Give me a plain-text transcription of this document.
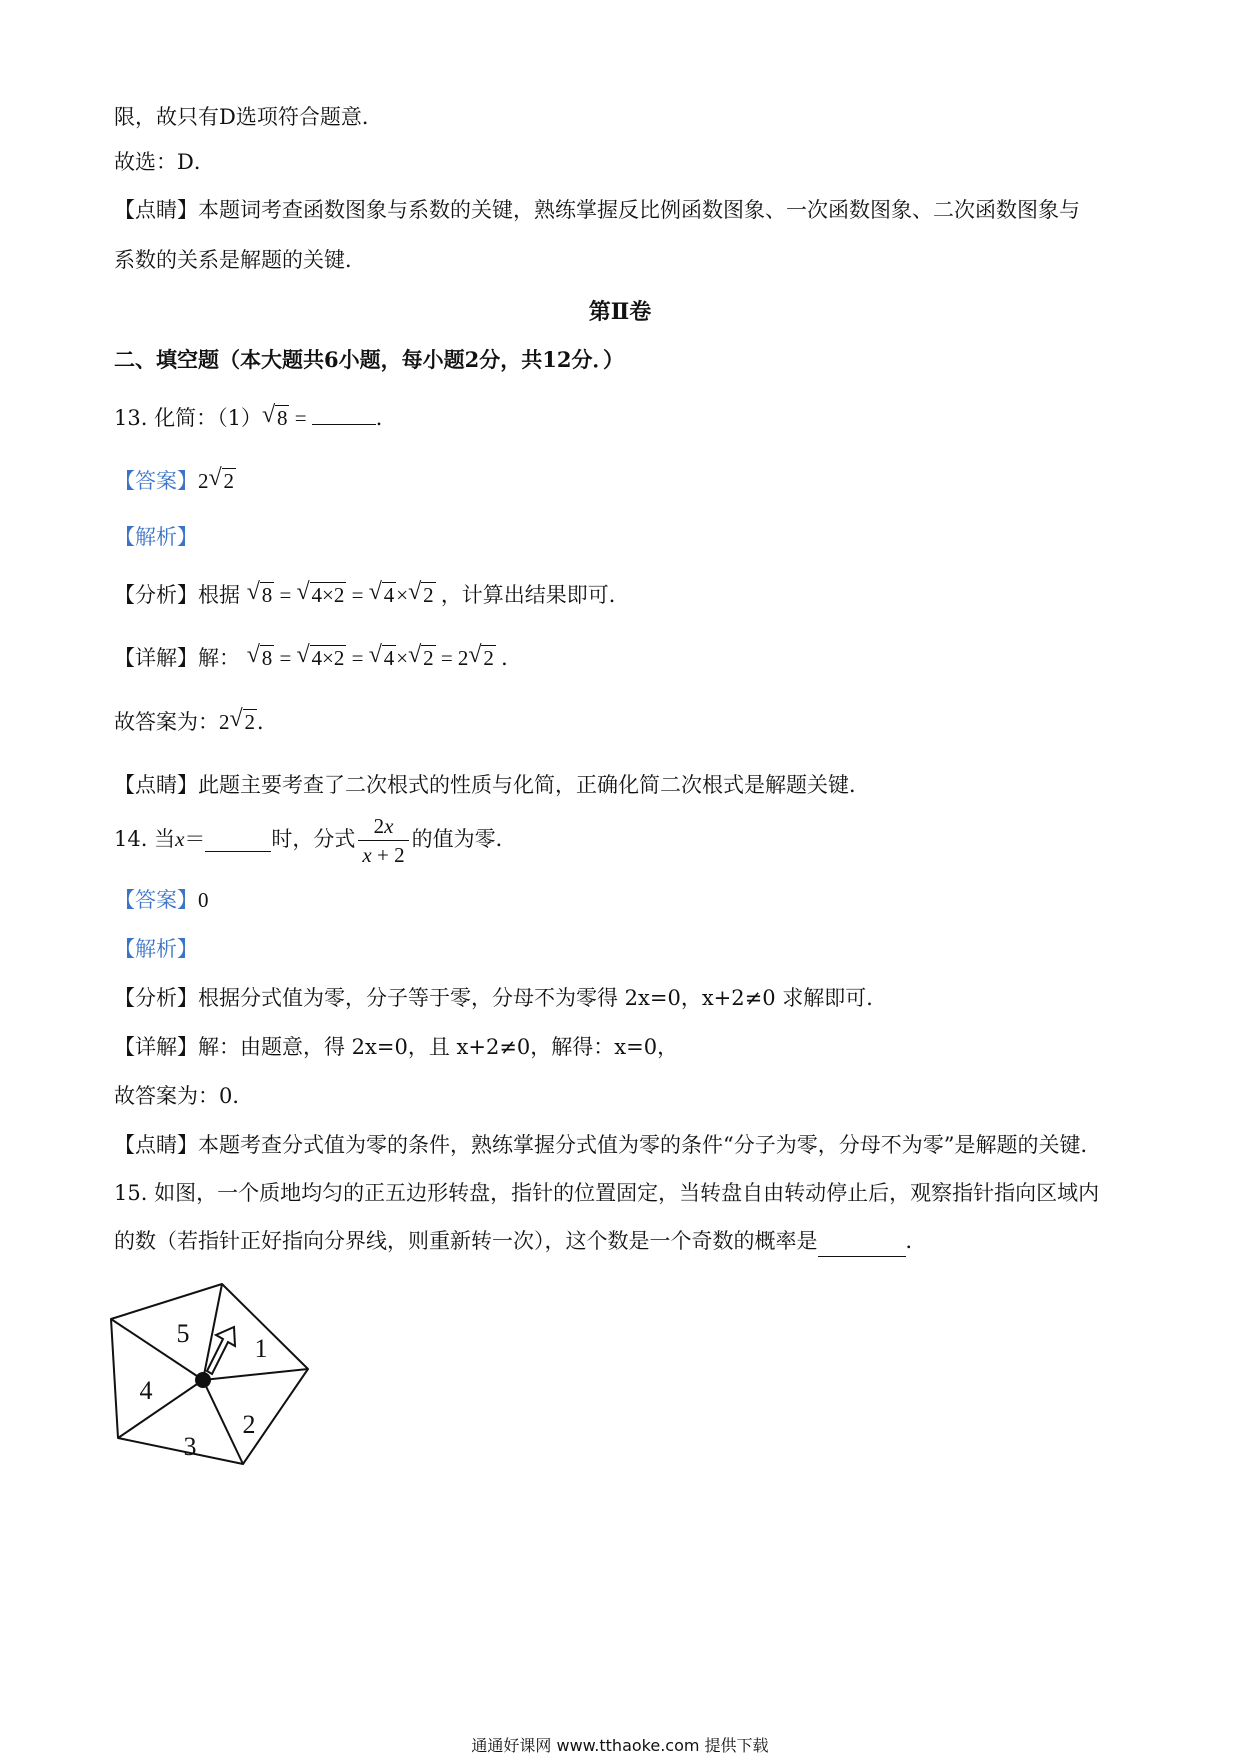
限，故只有D选项符合题意．
故选：D．
【点睛】本题词考查函数图象与系数的关键，熟练掌握反比例函数图象、一次函数图象、二次函数图象与
系数的关系是解题的关键．
第Ⅱ卷
二、填空题（本大题共6小题，每小题2分，共12分．）
13. 化简：（1） √ 8 =	．
【答案】2 √ 2
【解析】
【分析】根据 √ 8 = √ 4×2 = √ 4× √ 2 ，计算出结果即可．
【详解】解： √ 8 = √ 4×2 = √ 4× √ 2 = 2 √ 2 ．
故答案为：2 √ 2．
【点睛】此题主要考查了二次根式的性质与化简，正确化简二次根式是解题关键．
14. 当x＝	时，分式 $\frac{2x}{x + 2}$ 的值为零．
【答案】0
【解析】
【分析】根据分式值为零，分子等于零，分母不为零得 2x=0，x+2≠0 求解即可．
【详解】解：由题意，得 2x=0，且 x+2≠0，解得：x=0，
故答案为：0．
【点睛】本题考查分式值为零的条件，熟练掌握分式值为零的条件“分子为零，分母不为零”是解题的关键．
15. 如图，一个质地均匀的正五边形转盘，指针的位置固定，当转盘自由转动停止后，观察指针指向区域内
的数（若指针正好指向分界线，则重新转一次），这个数是一个奇数的概率是	．
1
2
3
4
5
通通好课网 www.tthaoke.com 提供下载
